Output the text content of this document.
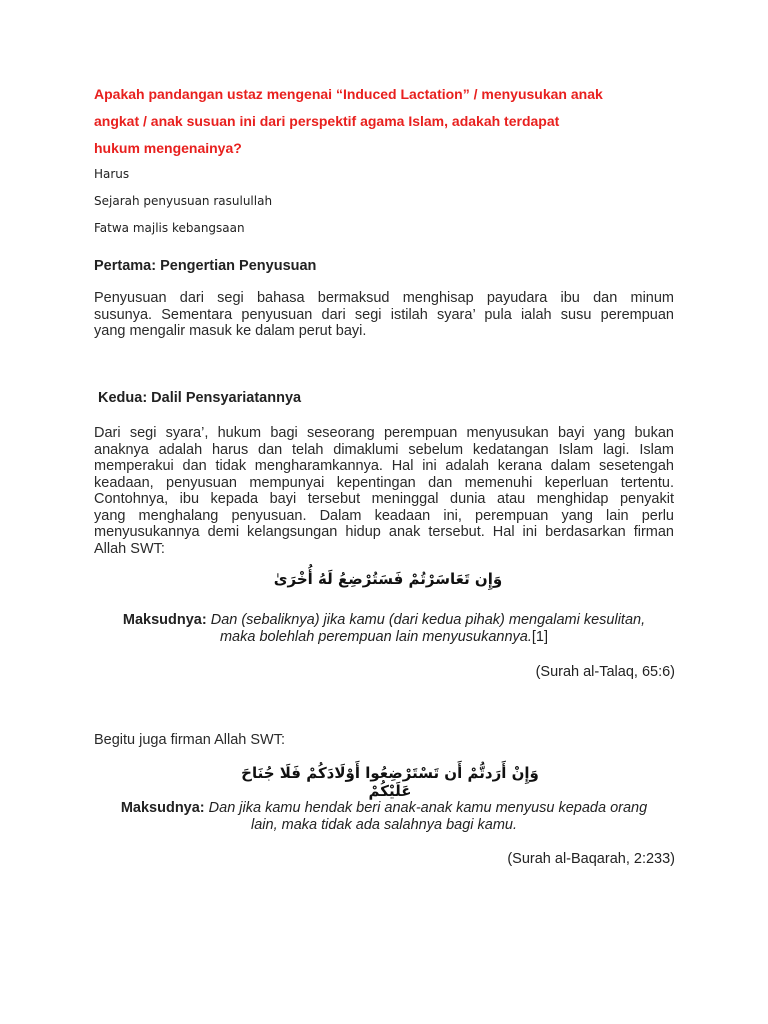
Apakah pandangan ustaz mengenai “Induced Lactation” / menyusukan anak
angkat / anak susuan ini dari perspektif agama Islam, adakah terdapat
hukum mengenainya?
Harus
Sejarah penyusuan rasulullah
Fatwa majlis kebangsaan
Pertama: Pengertian Penyusuan
Penyusuan dari segi bahasa bermaksud menghisap payudara ibu dan minum
susunya. Sementara penyusuan dari segi istilah syara’ pula ialah susu perempuan
yang mengalir masuk ke dalam perut bayi.
Kedua: Dalil Pensyariatannya
Dari segi syara’, hukum bagi seseorang perempuan menyusukan bayi yang bukan
anaknya adalah harus dan telah dimaklumi sebelum kedatangan Islam lagi. Islam
memperakui dan tidak mengharamkannya. Hal ini adalah kerana dalam sesetengah
keadaan, penyusuan mempunyai kepentingan dan memenuhi keperluan tertentu.
Contohnya, ibu kepada bayi tersebut meninggal dunia atau menghidap penyakit
yang menghalang penyusuan. Dalam keadaan ini, perempuan yang lain perlu
menyusukannya demi kelangsungan hidup anak tersebut. Hal ini berdasarkan firman
Allah SWT:
وَإِن تَعَاسَرْتُمْ فَسَتُرْضِعُ لَهُ أُخْرَىٰ
Maksudnya: Dan (sebaliknya) jika kamu (dari kedua pihak) mengalami kesulitan,
maka bolehlah perempuan lain menyusukannya.[1]
(Surah al-Talaq, 65:6)
Begitu juga firman Allah SWT:
وَإِنْ أَرَدتُّمْ أَن تَسْتَرْضِعُوا أَوْلَادَكُمْ فَلَا جُنَاحَ عَلَيْكُمْ
Maksudnya: Dan jika kamu hendak beri anak-anak kamu menyusu kepada orang
lain, maka tidak ada salahnya bagi kamu.
(Surah al-Baqarah, 2:233)
